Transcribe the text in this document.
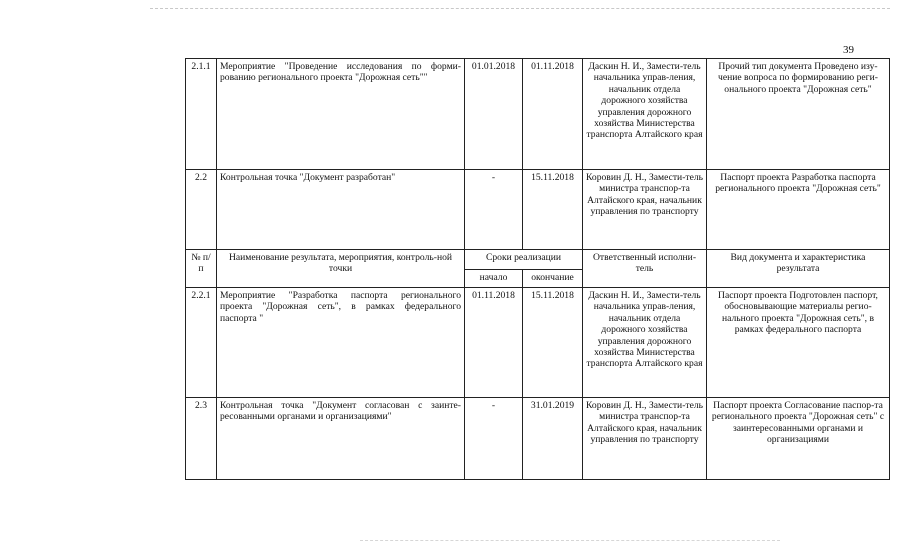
39
2.1.1	Мероприятие "Проведение исследования по форми-рованию регионального проекта "Дорожная сеть""	01.01.2018	01.11.2018	Даскин Н. И., Замести-тель начальника управ-ления, начальник отдела дорожного хозяйства управления дорожного хозяйства Министерства транспорта Алтайского края	Прочий тип документа Проведено изу-чение вопроса по формированию реги-онального проекта "Дорожная сеть"
2.2	Контрольная точка "Документ разработан"	-	15.11.2018	Коровин Д. Н., Замести-тель министра транспор-та Алтайского края, начальник управления по транспорту	Паспорт проекта Разработка паспорта регионального проекта "Дорожная сеть"
№ п/п	Наименование результата, мероприятия, контроль-ной точки	Сроки реализации		Ответственный исполни-тель	Вид документа и характеристика результата
		начало	окончание		
2.2.1	Мероприятие "Разработка паспорта регионального проекта "Дорожная сеть", в рамках федерального паспорта "	01.11.2018	15.11.2018	Даскин Н. И., Замести-тель начальника управ-ления, начальник отдела дорожного хозяйства управления дорожного хозяйства Министерства транспорта Алтайского края	Паспорт проекта Подготовлен паспорт, обосновывающие материалы регио-нального проекта "Дорожная сеть", в рамках федерального паспорта
2.3	Контрольная точка "Документ согласован с заинте-ресованными органами и организациями"	-	31.01.2019	Коровин Д. Н., Замести-тель министра транспор-та Алтайского края, начальник управления по транспорту	Паспорт проекта Согласование паспор-та регионального проекта "Дорожная сеть" с заинтересованными органами и организациями
